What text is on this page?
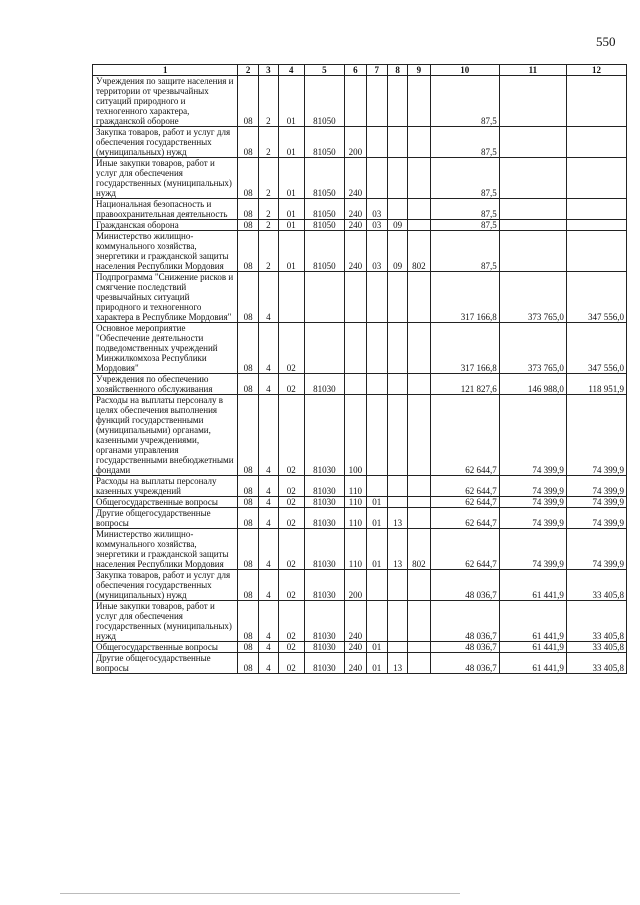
550
1	2	3	4	5	6	7	8	9	10	11	12
Учреждения по защите населения и территории от чрезвычайных ситуаций природного и техногенного характера, гражданской обороне	08	2	01	81050					87,5		
Закупка товаров, работ и услуг для обеспечения государственных (муниципальных) нужд	08	2	01	81050	200				87,5		
Иные закупки товаров, работ и услуг для обеспечения государственных (муниципальных) нужд	08	2	01	81050	240				87,5		
Национальная безопасность и правоохранительная деятельность	08	2	01	81050	240	03			87,5		
Гражданская оборона	08	2	01	81050	240	03	09		87,5		
Министерство жилищно-коммунального хозяйства, энергетики и гражданской защиты населения Республики Мордовия	08	2	01	81050	240	03	09	802	87,5		
Подпрограмма "Снижение рисков и смягчение последствий чрезвычайных ситуаций природного и техногенного характера в Республике Мордовия"	08	4							317 166,8	373 765,0	347 556,0
Основное мероприятие "Обеспечение деятельности подведомственных учреждений Минжилкомхоза Республики Мордовия"	08	4	02						317 166,8	373 765,0	347 556,0
Учреждения по обеспечению хозяйственного обслуживания	08	4	02	81030					121 827,6	146 988,0	118 951,9
Расходы на выплаты персоналу в целях обеспечения выполнения функций государственными (муниципальными) органами, казенными учреждениями, органами управления государственными внебюджетными фондами	08	4	02	81030	100				62 644,7	74 399,9	74 399,9
Расходы на выплаты персоналу казенных учреждений	08	4	02	81030	110				62 644,7	74 399,9	74 399,9
Общегосударственные вопросы	08	4	02	81030	110	01			62 644,7	74 399,9	74 399,9
Другие общегосударственные вопросы	08	4	02	81030	110	01	13		62 644,7	74 399,9	74 399,9
Министерство жилищно-коммунального хозяйства, энергетики и гражданской защиты населения Республики Мордовия	08	4	02	81030	110	01	13	802	62 644,7	74 399,9	74 399,9
Закупка товаров, работ и услуг для обеспечения государственных (муниципальных) нужд	08	4	02	81030	200				48 036,7	61 441,9	33 405,8
Иные закупки товаров, работ и услуг для обеспечения государственных (муниципальных) нужд	08	4	02	81030	240				48 036,7	61 441,9	33 405,8
Общегосударственные вопросы	08	4	02	81030	240	01			48 036,7	61 441,9	33 405,8
Другие общегосударственные вопросы	08	4	02	81030	240	01	13		48 036,7	61 441,9	33 405,8
